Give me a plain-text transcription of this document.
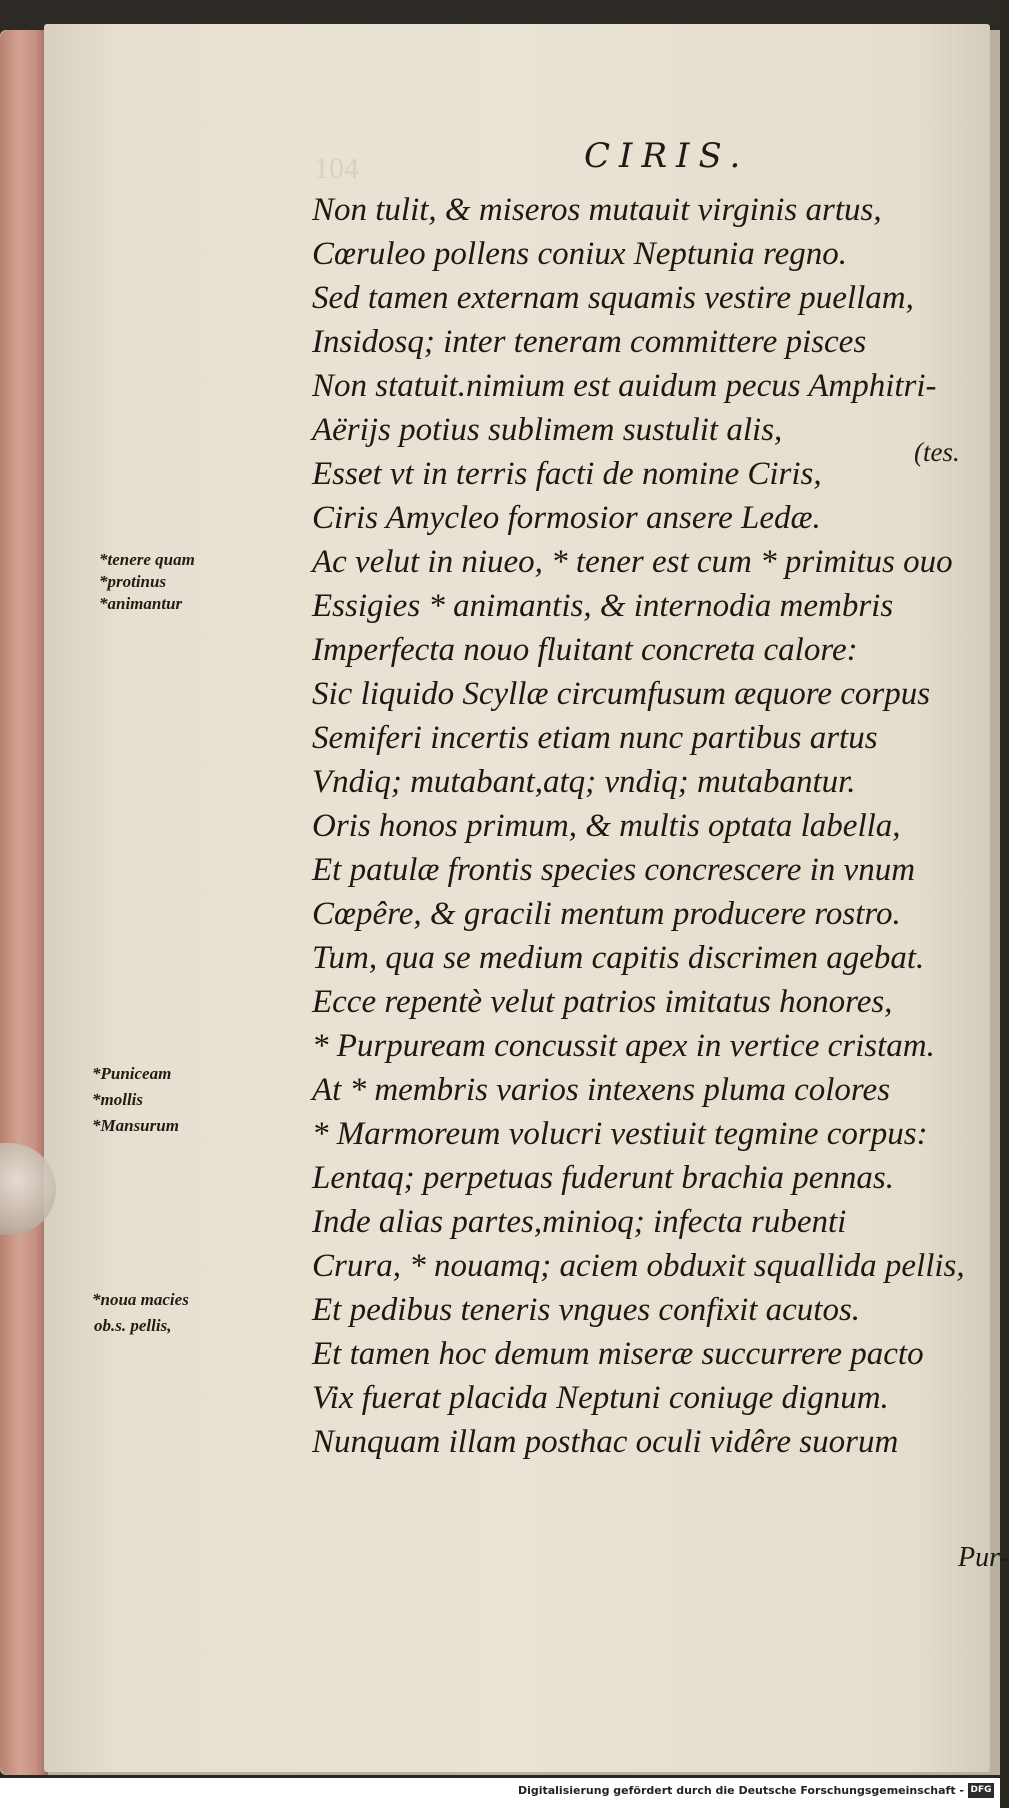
104	CIRIS.
Non tulit, & miseros mutauit virginis artus,
Cœruleo pollens coniux Neptunia regno.
Sed tamen externam squamis vestire puellam,
Insidosq; inter teneram committere pisces
Non statuit.nimium est auidum pecus Amphitri-
Aërijs potius sublimem sustulit alis,
Esset vt in terris facti de nomine Ciris,
Ciris Amycleo formosior ansere Ledæ.
Ac velut in niueo, * tener est cum * primitus ouo
Essigies * animantis, & internodia membris
Imperfecta nouo fluitant concreta calore:
Sic liquido Scyllæ circumfusum æquore corpus
Semiferi incertis etiam nunc partibus artus
Vndiq; mutabant,atq; vndiq; mutabantur.
Oris honos primum, & multis optata labella,
Et patulæ frontis species concrescere in vnum
Cœpêre, & gracili mentum producere rostro.
Tum, qua se medium capitis discrimen agebat.
Ecce repentè velut patrios imitatus honores,
* Purpuream concussit apex in vertice cristam.
At * membris varios intexens pluma colores
* Marmoreum volucri vestiuit tegmine corpus:
Lentaq; perpetuas fuderunt brachia pennas.
Inde alias partes,minioq; infecta rubenti
Crura, * nouamq; aciem obduxit squallida pellis,
Et pedibus teneris vngues confixit acutos.
Et tamen hoc demum miseræ succurrere pacto
Vix fuerat placida Neptuni coniuge dignum.
Nunquam illam posthac oculi vidêre suorum
(tes.
*tenere quam
*protinus
*animantur
*Puniceam
*mollis
*Mansurum
*noua macies
ob.s. pellis,
Pur-
Digitalisierung gefördert durch die Deutsche Forschungsgemeinschaft - DFG
